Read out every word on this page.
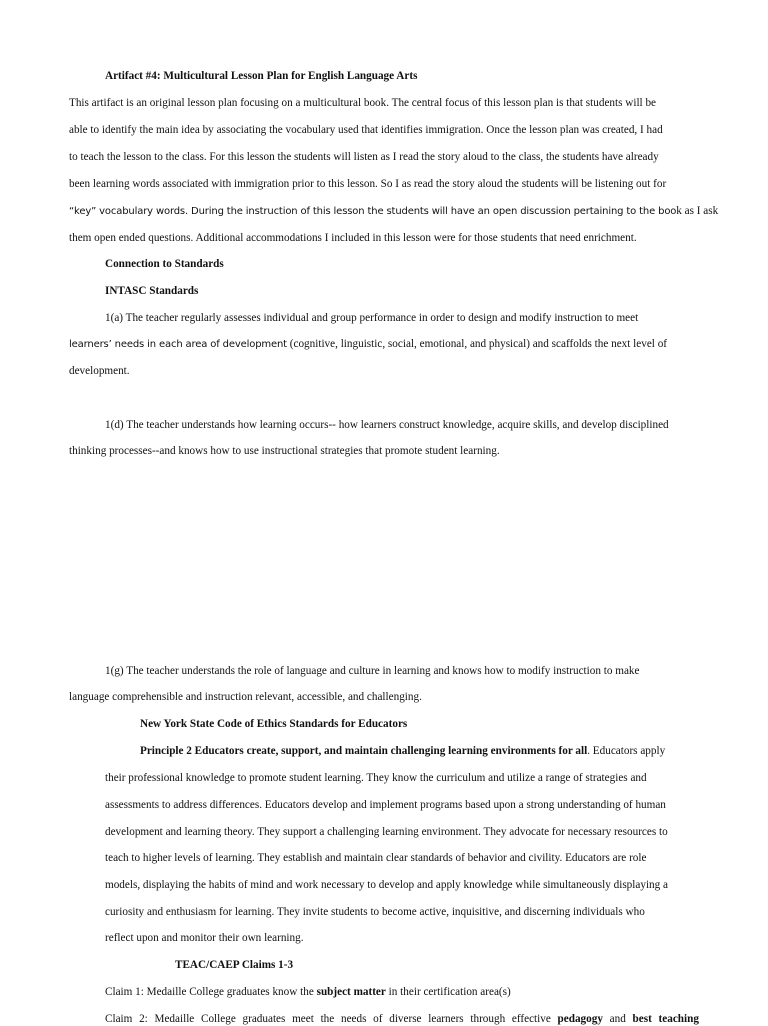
Artifact #4: Multicultural Lesson Plan for English Language Arts
This artifact is an original lesson plan focusing on a multicultural book. The central focus of this lesson plan is that students will be
able to identify the main idea by associating the vocabulary used that identifies immigration. Once the lesson plan was created, I had
to teach the lesson to the class. For this lesson the students will listen as I read the story aloud to the class, the students have already
been learning words associated with immigration prior to this lesson. So I as read the story aloud the students will be listening out for
“key” vocabulary words. During the instruction of this lesson the students will have an open discussion pertaining to the book as I ask
them open ended questions. Additional accommodations I included in this lesson were for those students that need enrichment.
Connection to Standards
INTASC Standards
1(a) The teacher regularly assesses individual and group performance in order to design and modify instruction to meet
learners’ needs in each area of development (cognitive, linguistic, social, emotional, and physical) and scaffolds the next level of
development.
1(d) The teacher understands how learning occurs-- how learners construct knowledge, acquire skills, and develop disciplined
thinking processes--and knows how to use instructional strategies that promote student learning.
1(g) The teacher understands the role of language and culture in learning and knows how to modify instruction to make
language comprehensible and instruction relevant, accessible, and challenging.
New York State Code of Ethics Standards for Educators
Principle 2 Educators create, support, and maintain challenging learning environments for all. Educators apply
their professional knowledge to promote student learning. They know the curriculum and utilize a range of strategies and
assessments to address differences. Educators develop and implement programs based upon a strong understanding of human
development and learning theory. They support a challenging learning environment. They advocate for necessary resources to
teach to higher levels of learning. They establish and maintain clear standards of behavior and civility. Educators are role
models, displaying the habits of mind and work necessary to develop and apply knowledge while simultaneously displaying a
curiosity and enthusiasm for learning. They invite students to become active, inquisitive, and discerning individuals who
reflect upon and monitor their own learning.
TEAC/CAEP Claims 1-3
Claim 1: Medaille College graduates know the subject matter in their certification area(s)
Claim 2: Medaille College graduates meet the needs of diverse learners through effective pedagogy and best teaching
